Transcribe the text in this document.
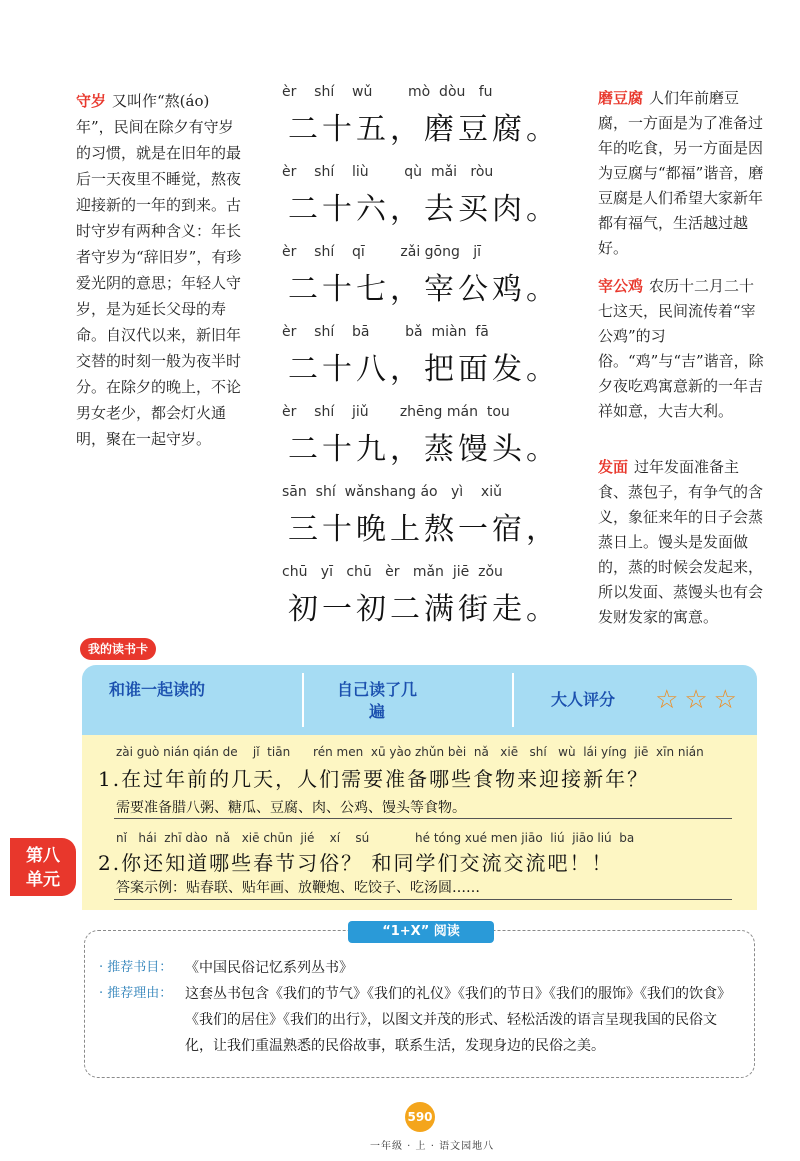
守岁 又叫作“熬(áo)年”，民间在除夕有守岁的习惯，就是在旧年的最后一天夜里不睡觉，熬夜迎接新的一年的到来。古时守岁有两种含义：年长者守岁为“辞旧岁”，有珍爱光阴的意思；年轻人守岁，是为延长父母的寿命。自汉代以来，新旧年交替的时刻一般为夜半时分。在除夕的晚上，不论男女老少，都会灯火通明，聚在一起守岁。
èr    shí    wǔ        mò  dòu   fu
二十五，磨豆腐。
èr    shí    liù        qù  mǎi   ròu
二十六，去买肉。
èr    shí    qī        zǎi gōng   jī
二十七，宰公鸡。
èr    shí    bā        bǎ  miàn  fā
二十八，把面发。
èr    shí    jiǔ       zhēng mán  tou
二十九，蒸馒头。
sān  shí  wǎnshang áo   yì    xiǔ
三十晚上熬一宿，
chū   yī   chū   èr   mǎn  jiē  zǒu
初一初二满街走。
磨豆腐 人们年前磨豆腐，一方面是为了准备过年的吃食，另一方面是因为豆腐与“都福”谐音，磨豆腐是人们希望大家新年都有福气，生活越过越好。
宰公鸡 农历十二月二十七这天，民间流传着“宰公鸡”的习俗。“鸡”与“吉”谐音，除夕夜吃鸡寓意新的一年吉祥如意，大吉大利。
发面 过年发面准备主食、蒸包子，有争气的含义，象征来年的日子会蒸蒸日上。馒头是发面做的，蒸的时候会发起来，所以发面、蒸馒头也有会发财发家的寓意。
我的读书卡
和谁一起读的	自己读了几遍
大人评分	☆☆☆
zài guò nián qián de    jǐ  tiān      rén men  xū yào zhǔn bèi  nǎ   xiē   shí   wù  lái yíng  jiē  xīn nián
1.在过年前的几天，人们需要准备哪些食物来迎接新年？
需要准备腊八粥、糖瓜、豆腐、肉、公鸡、馒头等食物。
nǐ   hái  zhī dào  nǎ   xiē chūn  jié    xí    sú            hé tóng xué men jiāo  liú  jiāo liú  ba
2.你还知道哪些春节习俗？ 和同学们交流交流吧！！
答案示例：贴春联、贴年画、放鞭炮、吃饺子、吃汤圆……
第八单元
· 推荐书目： 《中国民俗记忆系列丛书》
· 推荐理由： 这套丛书包含《我们的节气》《我们的礼仪》《我们的节日》《我们的服饰》《我们的饮食》《我们的居住》《我们的出行》，以图文并茂的形式、轻松活泼的语言呈现我国的民俗文化，让我们重温熟悉的民俗故事，联系生活，发现身边的民俗之美。
“1+X” 阅读
590
一年级 · 上 · 语文园地八
